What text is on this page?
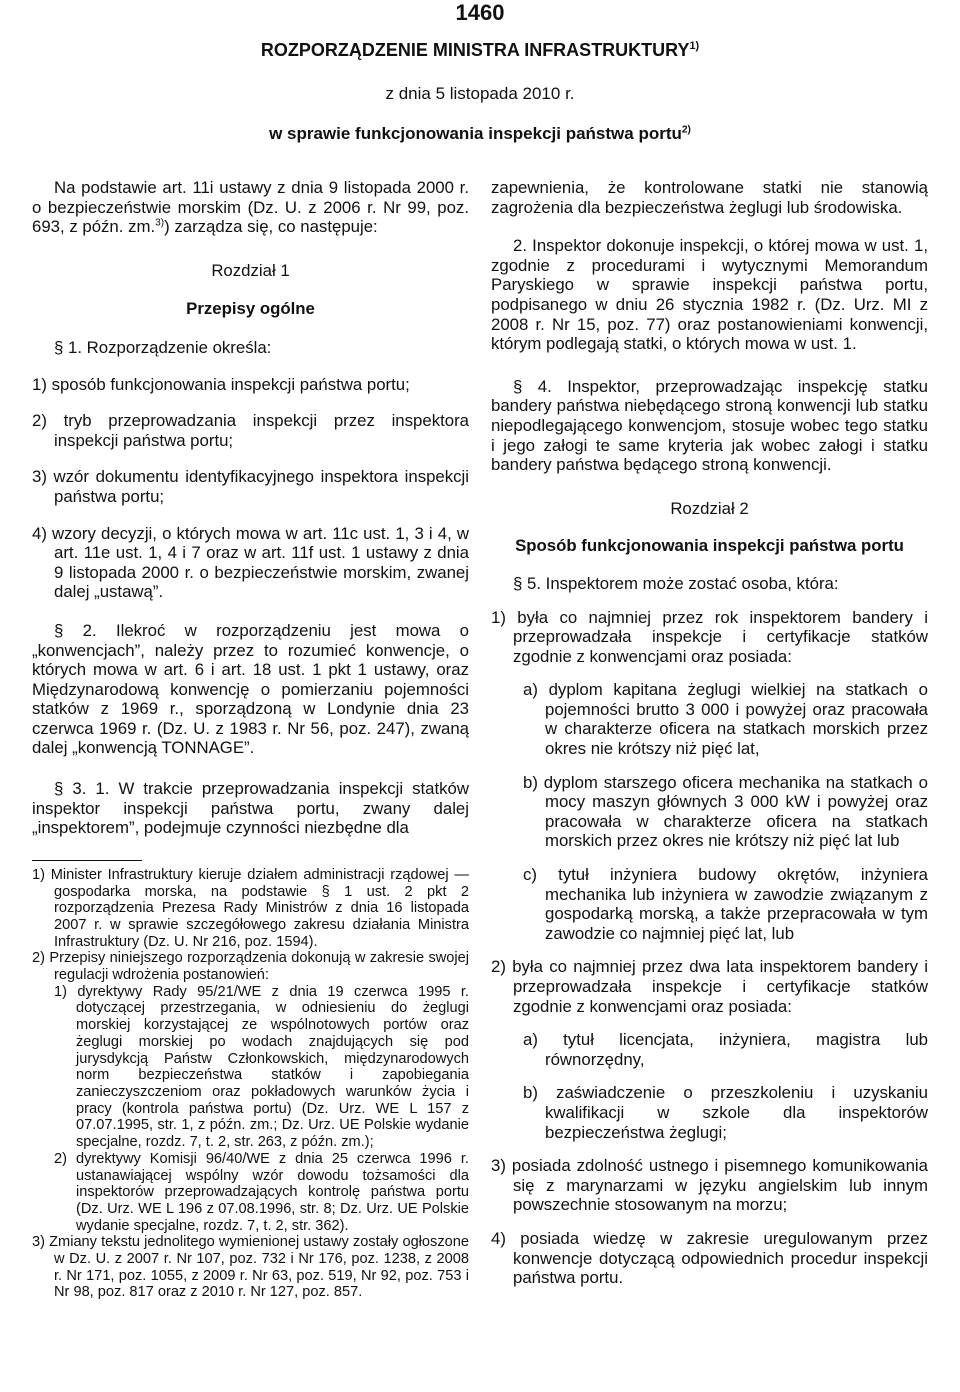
1460
ROZPORZĄDZENIE MINISTRA INFRASTRUKTURY$^{1)}$
z dnia 5 listopada 2010 r.
w sprawie funkcjonowania inspekcji państwa portu$^{2)}$

Na podstawie art. 11i ustawy z dnia 9 listopada 2000 r. o bezpieczeństwie morskim (Dz. U. z 2006 r. Nr 99, poz. 693, z późn. zm.$^{3)}$) zarządza się, co następuje:

Rozdział 1

Przepisy ogólne

§ 1. Rozporządzenie określa:

1) sposób funkcjonowania inspekcji państwa portu;

2) tryb przeprowadzania inspekcji przez inspektora inspekcji państwa portu;

3) wzór dokumentu identyfikacyjnego inspektora inspekcji państwa portu;

4) wzory decyzji, o których mowa w art. 11c ust. 1, 3 i 4, w art. 11e ust. 1, 4 i 7 oraz w art. 11f ust. 1 ustawy z dnia 9 listopada 2000 r. o bezpieczeństwie morskim, zwanej dalej „ustawą”.

§ 2. Ilekroć w rozporządzeniu jest mowa o „konwencjach”, należy przez to rozumieć konwencje, o których mowa w art. 6 i art. 18 ust. 1 pkt 1 ustawy, oraz Międzynarodową konwencję o pomierzaniu pojemności statków z 1969 r., sporządzoną w Londynie dnia 23 czerwca 1969 r. (Dz. U. z 1983 r. Nr 56, poz. 247), zwaną dalej „konwencją TONNAGE”.

§ 3. 1. W trakcie przeprowadzania inspekcji statków inspektor inspekcji państwa portu, zwany dalej „inspektorem”, podejmuje czynności niezbędne dla

1) Minister Infrastruktury kieruje działem administracji rządowej — gospodarka morska, na podstawie § 1 ust. 2 pkt 2 rozporządzenia Prezesa Rady Ministrów z dnia 16 listopada 2007 r. w sprawie szczegółowego zakresu działania Ministra Infrastruktury (Dz. U. Nr 216, poz. 1594).

2) Przepisy niniejszego rozporządzenia dokonują w zakresie swojej regulacji wdrożenia postanowień:

1) dyrektywy Rady 95/21/WE z dnia 19 czerwca 1995 r. dotyczącej przestrzegania, w odniesieniu do żeglugi morskiej korzystającej ze wspólnotowych portów oraz żeglugi morskiej po wodach znajdujących się pod jurysdykcją Państw Członkowskich, międzynarodowych norm bezpieczeństwa statków i zapobiegania zanieczyszczeniom oraz pokładowych warunków życia i pracy (kontrola państwa portu) (Dz. Urz. WE L 157 z 07.07.1995, str. 1, z późn. zm.; Dz. Urz. UE Polskie wydanie specjalne, rozdz. 7, t. 2, str. 263, z późn. zm.);

2) dyrektywy Komisji 96/40/WE z dnia 25 czerwca 1996 r. ustanawiającej wspólny wzór dowodu tożsamości dla inspektorów przeprowadzających kontrolę państwa portu (Dz. Urz. WE L 196 z 07.08.1996, str. 8; Dz. Urz. UE Polskie wydanie specjalne, rozdz. 7, t. 2, str. 362).

3) Zmiany tekstu jednolitego wymienionej ustawy zostały ogłoszone w Dz. U. z 2007 r. Nr 107, poz. 732 i Nr 176, poz. 1238, z 2008 r. Nr 171, poz. 1055, z 2009 r. Nr 63, poz. 519, Nr 92, poz. 753 i Nr 98, poz. 817 oraz z 2010 r. Nr 127, poz. 857.

zapewnienia, że kontrolowane statki nie stanowią zagrożenia dla bezpieczeństwa żeglugi lub środowiska.

2. Inspektor dokonuje inspekcji, o której mowa w ust. 1, zgodnie z procedurami i wytycznymi Memorandum Paryskiego w sprawie inspekcji państwa portu, podpisanego w dniu 26 stycznia 1982 r. (Dz. Urz. MI z 2008 r. Nr 15, poz. 77) oraz postanowieniami konwencji, którym podlegają statki, o których mowa w ust. 1.

§ 4. Inspektor, przeprowadzając inspekcję statku bandery państwa niebędącego stroną konwencji lub statku niepodlegającego konwencjom, stosuje wobec tego statku i jego załogi te same kryteria jak wobec załogi i statku bandery państwa będącego stroną konwencji.

Rozdział 2

Sposób funkcjonowania inspekcji państwa portu

§ 5. Inspektorem może zostać osoba, która:

1) była co najmniej przez rok inspektorem bandery i przeprowadzała inspekcje i certyfikacje statków zgodnie z konwencjami oraz posiada:

a) dyplom kapitana żeglugi wielkiej na statkach o pojemności brutto 3 000 i powyżej oraz pracowała w charakterze oficera na statkach morskich przez okres nie krótszy niż pięć lat,

b) dyplom starszego oficera mechanika na statkach o mocy maszyn głównych 3 000 kW i powyżej oraz pracowała w charakterze oficera na statkach morskich przez okres nie krótszy niż pięć lat lub

c) tytuł inżyniera budowy okrętów, inżyniera mechanika lub inżyniera w zawodzie związanym z gospodarką morską, a także przepracowała w tym zawodzie co najmniej pięć lat, lub

2) była co najmniej przez dwa lata inspektorem bandery i przeprowadzała inspekcje i certyfikacje statków zgodnie z konwencjami oraz posiada:

a) tytuł licencjata, inżyniera, magistra lub równorzędny,

b) zaświadczenie o przeszkoleniu i uzyskaniu kwalifikacji w szkole dla inspektorów bezpieczeństwa żeglugi;

3) posiada zdolność ustnego i pisemnego komunikowania się z marynarzami w języku angielskim lub innym powszechnie stosowanym na morzu;

4) posiada wiedzę w zakresie uregulowanym przez konwencje dotyczącą odpowiednich procedur inspekcji państwa portu.
